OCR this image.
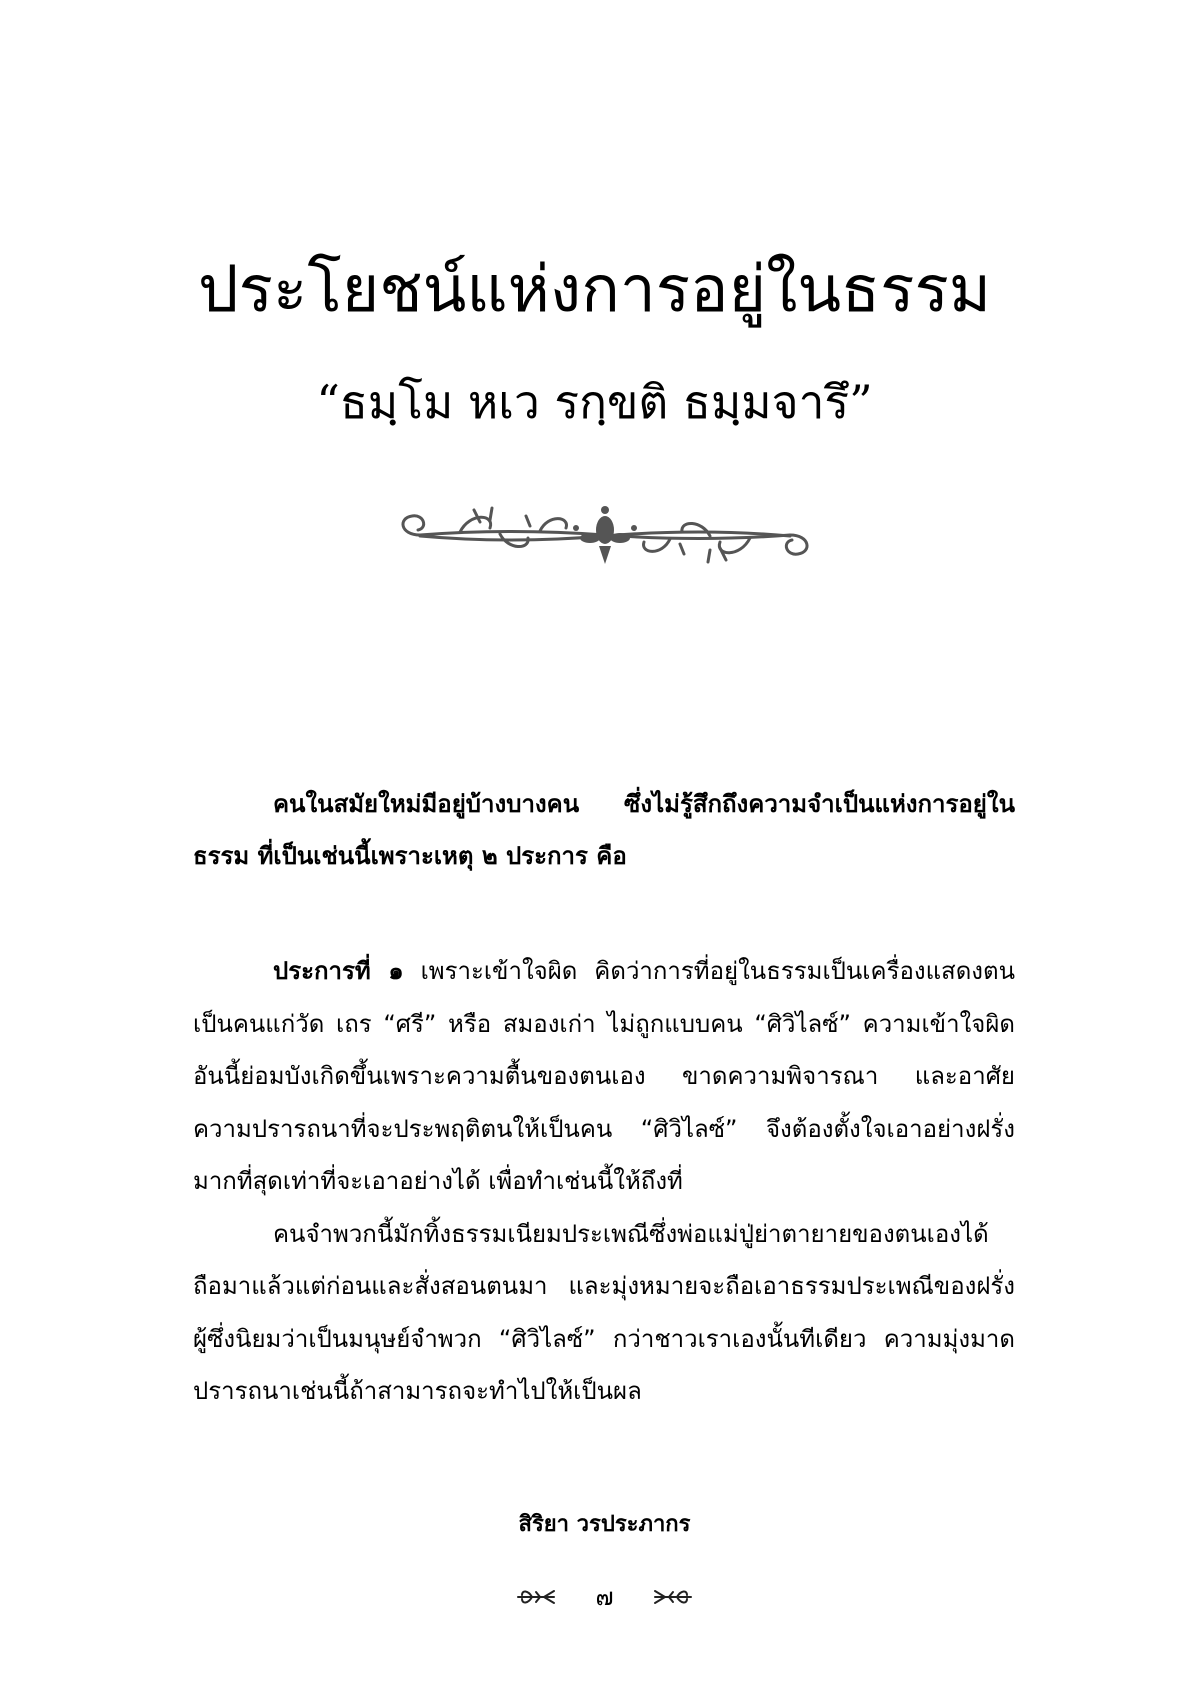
ประโยชน์แห่งการอยู่ในธรรม
“ธมฺโม หเว รกฺขติ ธมฺมจารึ”

คนในสมัยใหม่มีอยู่บ้างบางคน ซึ่งไม่รู้สึกถึงความจำเป็นแห่งการอยู่ในธรรม ที่เป็นเช่นนี้เพราะเหตุ ๒ ประการ คือ

ประการที่ ๑ เพราะเข้าใจผิด คิดว่าการที่อยู่ในธรรมเป็นเครื่องแสดงตนเป็นคนแก่วัด เถร “ศรี” หรือ สมองเก่า ไม่ถูกแบบคน “ศิวิไลซ์” ความเข้าใจผิดอันนี้ย่อมบังเกิดขึ้นเพราะความตื้นของตนเอง ขาดความพิจารณา และอาศัยความปรารถนาที่จะประพฤติตนให้เป็นคน “ศิวิไลซ์” จึงต้องตั้งใจเอาอย่างฝรั่งมากที่สุดเท่าที่จะเอาอย่างได้ เพื่อทำเช่นนี้ให้ถึงที่

คนจำพวกนี้มักทิ้งธรรมเนียมประเพณีซึ่งพ่อแม่ปู่ย่าตายายของตนเองได้ถือมาแล้วแต่ก่อนและสั่งสอนตนมา และมุ่งหมายจะถือเอาธรรมประเพณีของฝรั่งผู้ซึ่งนิยมว่าเป็นมนุษย์จำพวก “ศิวิไลซ์” กว่าชาวเราเองนั้นทีเดียว ความมุ่งมาดปรารถนาเช่นนี้ถ้าสามารถจะทำไปให้เป็นผล

สิริยา วรประภากร
๗
